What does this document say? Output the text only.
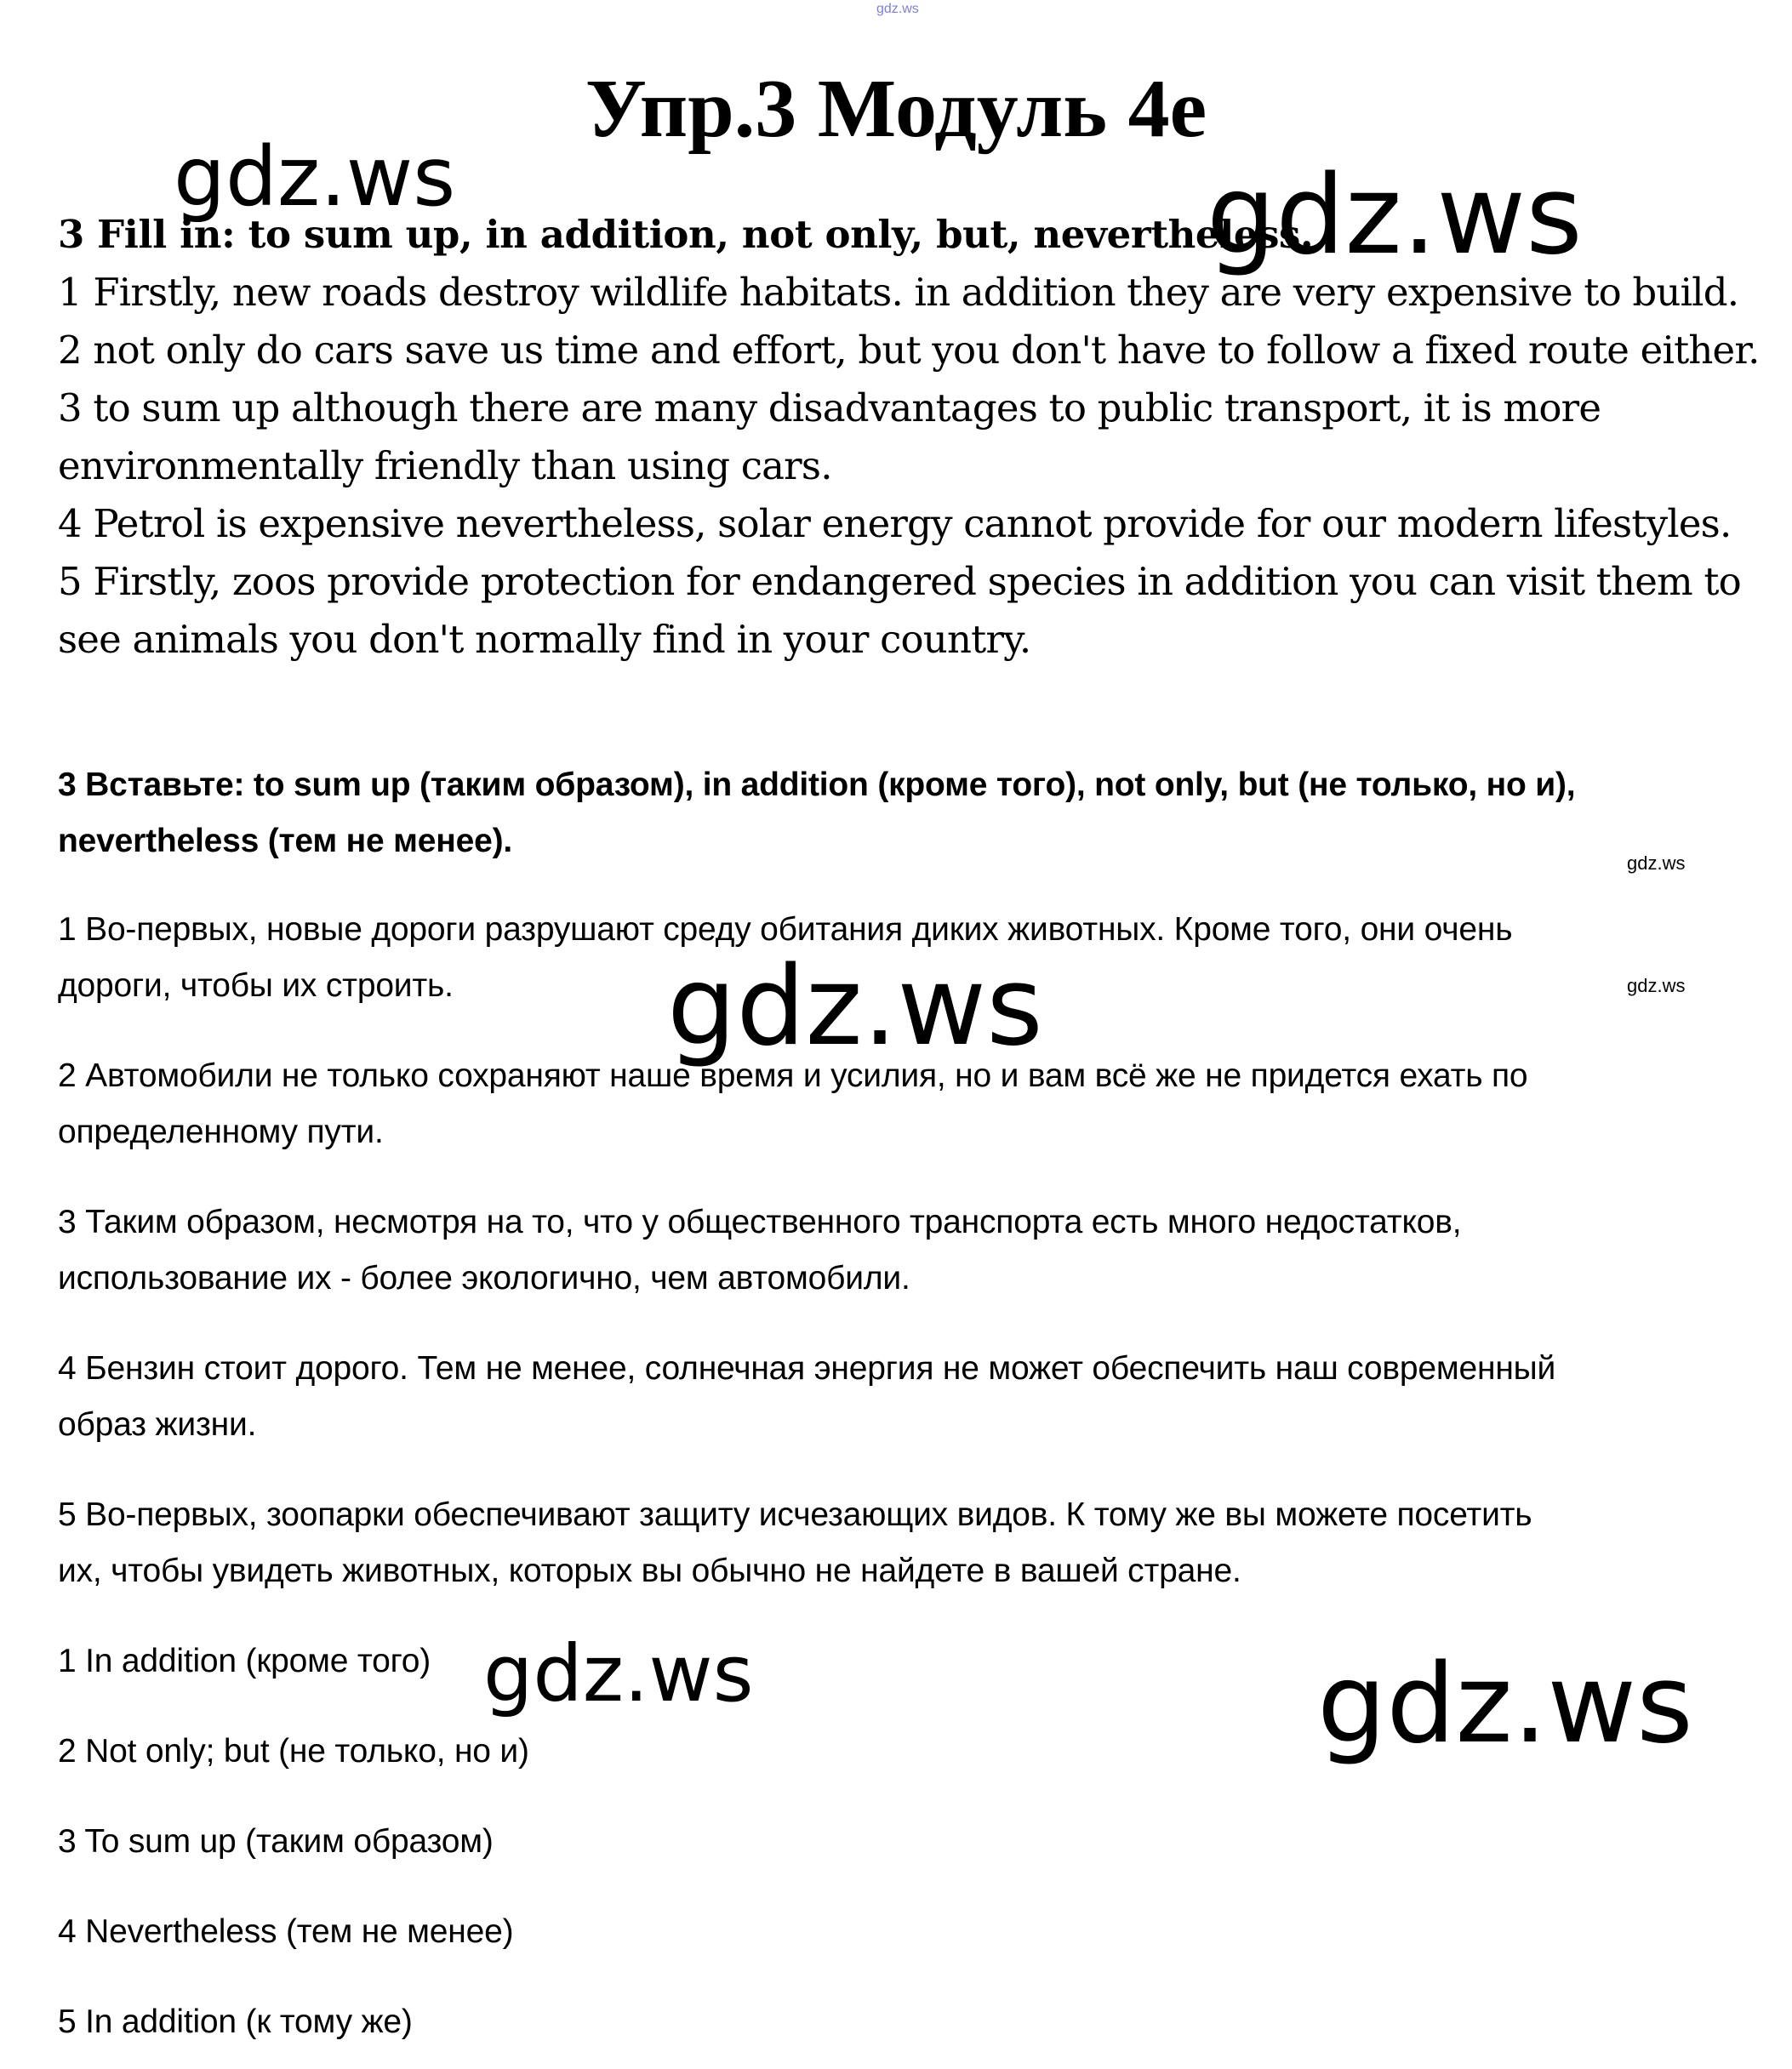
gdz.ws
Упр.3 Модуль 4е
3 Fill in: to sum up, in addition, not only, but, nevertheless.
1 Firstly, new roads destroy wildlife habitats. in addition they are very expensive to build.
2 not only do cars save us time and effort, but you don't have to follow a fixed route either.
3 to sum up although there are many disadvantages to public transport, it is more
environmentally friendly than using cars.
4 Petrol is expensive nevertheless, solar energy cannot provide for our modern lifestyles.
5 Firstly, zoos provide protection for endangered species in addition you can visit them to
see animals you don't normally find in your country.
3 Вставьте: to sum up (таким образом), in addition (кроме того), not only, but (не только, но и),
nevertheless (тем не менее).
1 Во-первых, новые дороги разрушают среду обитания диких животных. Кроме того, они очень
дороги, чтобы их строить.
2 Автомобили не только сохраняют наше время и усилия, но и вам всё же не придется ехать по
определенному пути.
3 Таким образом, несмотря на то, что у общественного транспорта есть много недостатков,
использование их - более экологично, чем автомобили.
4 Бензин стоит дорого. Тем не менее, солнечная энергия не может обеспечить наш современный
образ жизни.
5 Во-первых, зоопарки обеспечивают защиту исчезающих видов. К тому же вы можете посетить
их, чтобы увидеть животных, которых вы обычно не найдете в вашей стране.
1 In addition (кроме того)
2 Not only; but (не только, но и)
3 To sum up (таким образом)
4 Nevertheless (тем не менее)
5 In addition (к тому же)
gdz.ws	gdz.ws
gdz.ws
gdz.ws
gdz.ws
gdz.ws	gdz.ws
